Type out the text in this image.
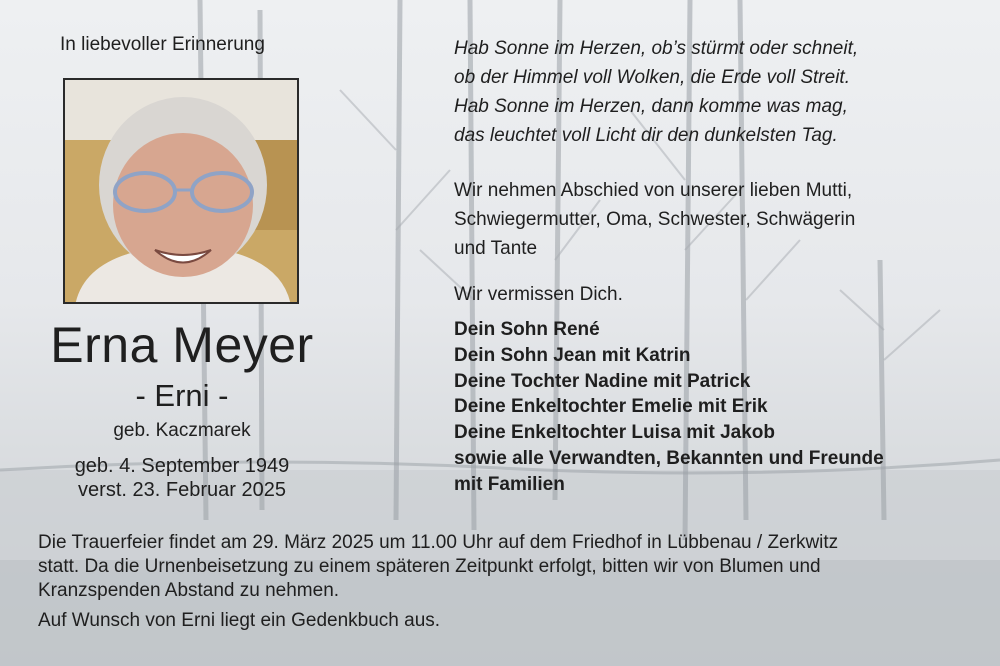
In liebevoller Erinnerung

Erna Meyer

- Erni -

geb. Kaczmarek

geb. 4. September 1949
verst. 23. Februar 2025
Hab Sonne im Herzen, ob’s stürmt oder schneit,
ob der Himmel voll Wolken, die Erde voll Streit.
Hab Sonne im Herzen, dann komme was mag,
das leuchtet voll Licht dir den dunkelsten Tag.
Wir nehmen Abschied von unserer lieben Mutti,
Schwiegermutter, Oma, Schwester, Schwägerin
und Tante

Wir vermissen Dich.

Dein Sohn René
Dein Sohn Jean mit Katrin
Deine Tochter Nadine mit Patrick
Deine Enkeltochter Emelie mit Erik
Deine Enkeltochter Luisa mit Jakob
sowie alle Verwandten, Bekannten und Freunde
mit Familien
Die Trauerfeier findet am 29. März 2025 um 11.00 Uhr auf dem Friedhof in Lübbenau / Zerkwitz
statt. Da die Urnenbeisetzung zu einem späteren Zeitpunkt erfolgt, bitten wir von Blumen und
Kranzspenden Abstand zu nehmen.
Auf Wunsch von Erni liegt ein Gedenkbuch aus.
